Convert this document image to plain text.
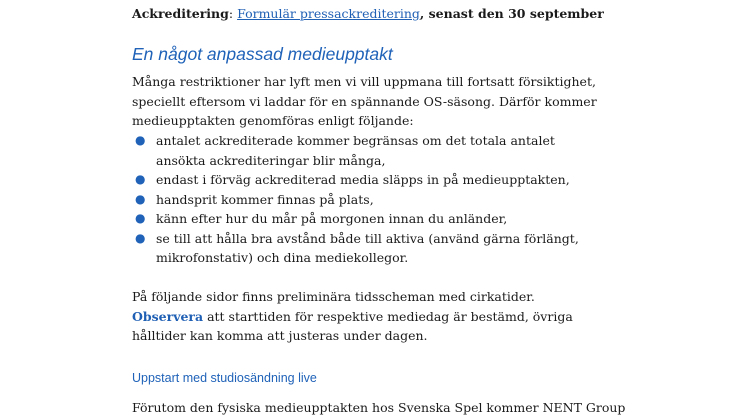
Ackreditering: Formulär pressackreditering, senast den 30 september
En något anpassad medieupptakt
Många restriktioner har lyft men vi vill uppmana till fortsatt försiktighet, speciellt eftersom vi laddar för en spännande OS-säsong. Därför kommer medieupptakten genomföras enligt följande:
● antalet ackrediterade kommer begränsas om det totala antalet ansökta ackrediteringar blir många,
● endast i förväg ackrediterad media släpps in på medieupptakten,
● handsprit kommer finnas på plats,
● känn efter hur du mår på morgonen innan du anländer,
● se till att hålla bra avstånd både till aktiva (använd gärna förlängt, mikrofonstativ) och dina mediekollegor.
På följande sidor finns preliminära tidsscheman med cirkatider. Observera att starttiden för respektive mediedag är bestämd, övriga hålltider kan komma att justeras under dagen.
Uppstart med studiosändning live
Förutom den fysiska medieupptakten hos Svenska Spel kommer NENT Group
